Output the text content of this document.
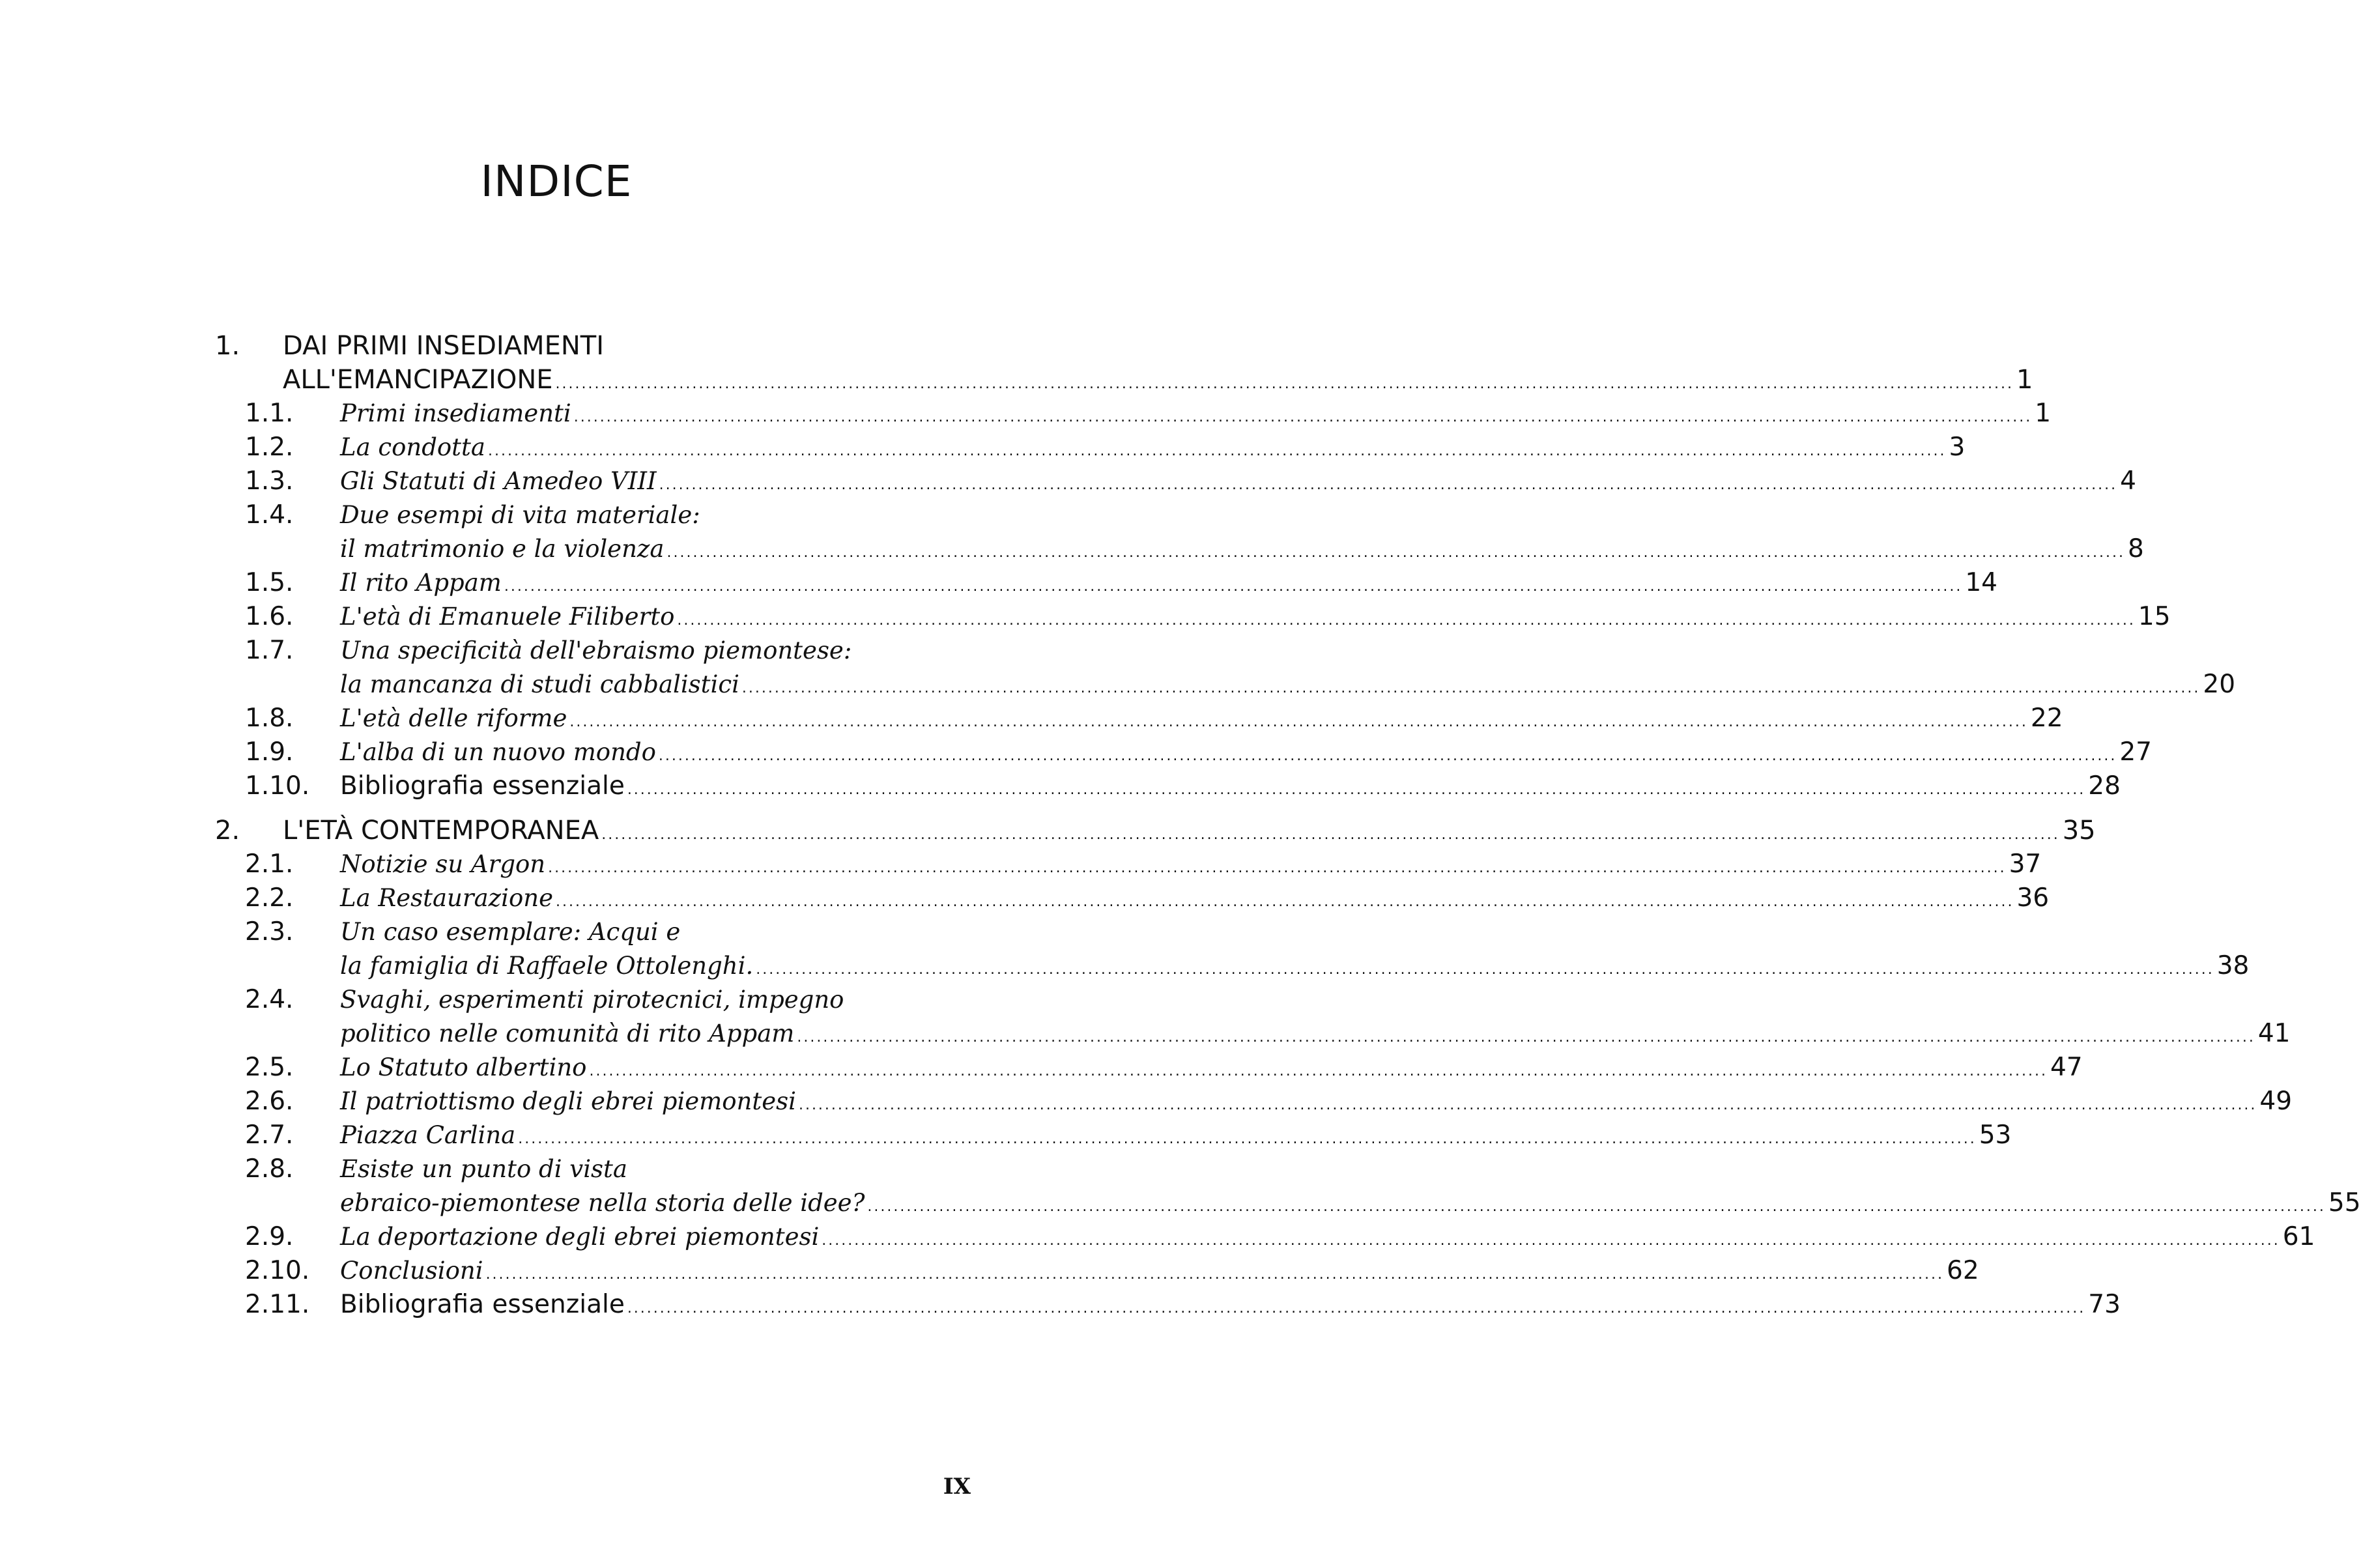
INDICE
1. DAI PRIMI INSEDIAMENTI
ALL'EMANCIPAZIONE ................................................................................................................................................................................................................................ 1
1.1. Primi insediamenti ................................................................................................................................................................................................................................ 1
1.2. La condotta ................................................................................................................................................................................................................................ 3
1.3. Gli Statuti di Amedeo VIII ................................................................................................................................................................................................................................ 4
1.4. Due esempi di vita materiale:
il matrimonio e la violenza ................................................................................................................................................................................................................................ 8
1.5. Il rito Appam ................................................................................................................................................................................................................................ 14
1.6. L'età di Emanuele Filiberto ................................................................................................................................................................................................................................ 15
1.7. Una specificità dell'ebraismo piemontese:
la mancanza di studi cabbalistici ................................................................................................................................................................................................................................ 20
1.8. L'età delle riforme ................................................................................................................................................................................................................................ 22
1.9. L'alba di un nuovo mondo ................................................................................................................................................................................................................................ 27
1.10. Bibliografia essenziale ................................................................................................................................................................................................................................ 28
2. L'ETÀ CONTEMPORANEA ................................................................................................................................................................................................................................ 35
2.1. Notizie su Argon ................................................................................................................................................................................................................................ 37
2.2. La Restaurazione ................................................................................................................................................................................................................................ 36
2.3. Un caso esemplare: Acqui e
la famiglia di Raffaele Ottolenghi. ................................................................................................................................................................................................................................ 38
2.4. Svaghi, esperimenti pirotecnici, impegno
politico nelle comunità di rito Appam ................................................................................................................................................................................................................................ 41
2.5. Lo Statuto albertino ................................................................................................................................................................................................................................ 47
2.6. Il patriottismo degli ebrei piemontesi ................................................................................................................................................................................................................................ 49
2.7. Piazza Carlina ................................................................................................................................................................................................................................ 53
2.8. Esiste un punto di vista
ebraico-piemontese nella storia delle idee? ................................................................................................................................................................................................................................ 55
2.9. La deportazione degli ebrei piemontesi ................................................................................................................................................................................................................................ 61
2.10. Conclusioni ................................................................................................................................................................................................................................ 62
2.11. Bibliografia essenziale ................................................................................................................................................................................................................................ 73
IX
